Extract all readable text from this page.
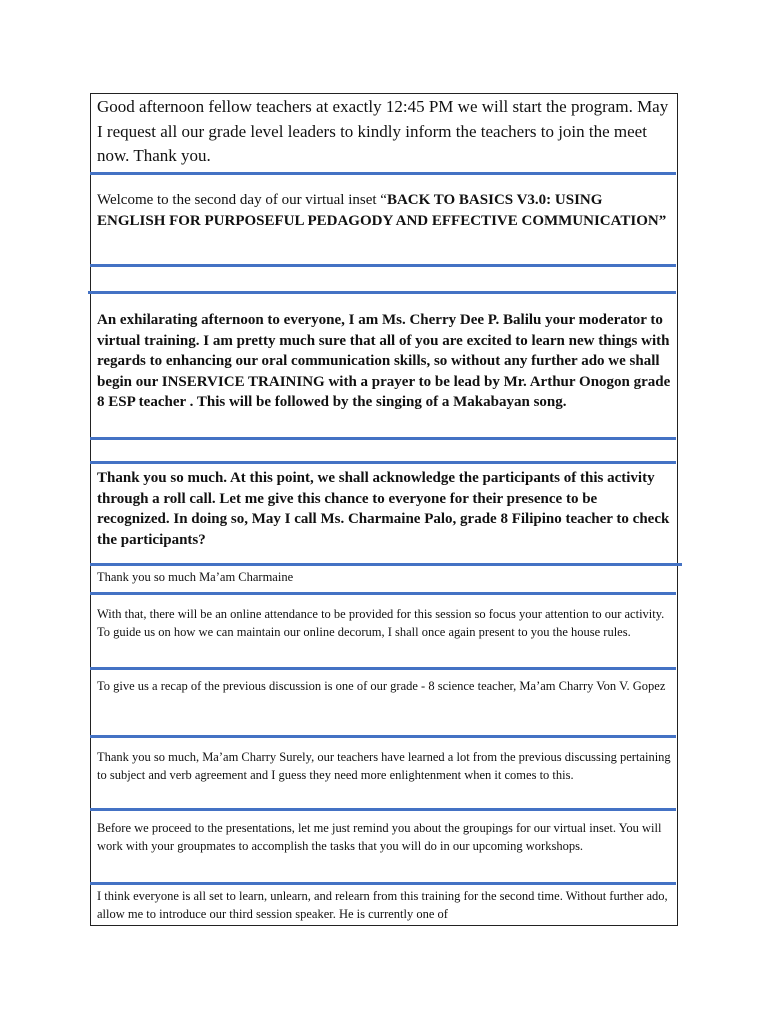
Good afternoon fellow teachers at exactly 12:45 PM we will start the program. May I request all our grade level leaders to kindly inform the teachers to join the meet now. Thank you.
Welcome to the second day of our virtual inset “BACK TO BASICS V3.0: USING ENGLISH FOR PURPOSEFUL PEDAGODY AND EFFECTIVE COMMUNICATION”
An exhilarating afternoon to everyone, I am Ms. Cherry Dee P. Balilu your moderator to virtual training. I am pretty much sure that all of you are excited to learn new things with regards to enhancing our oral communication skills, so without any further ado we shall begin our INSERVICE TRAINING with a prayer to be lead by Mr. Arthur Onogon grade 8 ESP teacher . This will be followed by the singing of a Makabayan song.
Thank you so much. At this point, we shall acknowledge the participants of this activity through a roll call. Let me give this chance to everyone for their presence to be recognized. In doing so, May I call Ms. Charmaine Palo, grade 8 Filipino teacher to check the participants?
Thank you so much Ma’am Charmaine
With that, there will be an online attendance to be provided for this session so focus your attention to our activity. To guide us on how we can maintain our online decorum, I shall once again present to you the house rules.
To give us a recap of the previous discussion is one of our grade - 8 science teacher, Ma’am Charry Von V. Gopez
Thank you so much, Ma’am Charry Surely, our teachers have learned a lot from the previous discussing pertaining to subject and verb agreement and I guess they need more enlightenment when it comes to this.
Before we proceed to the presentations, let me just remind you about the groupings for our virtual inset. You will work with your groupmates to accomplish the tasks that you will do in our upcoming workshops.
I think everyone is all set to learn, unlearn, and relearn from this training for the second time. Without further ado, allow me to introduce our third session speaker. He is currently one of
